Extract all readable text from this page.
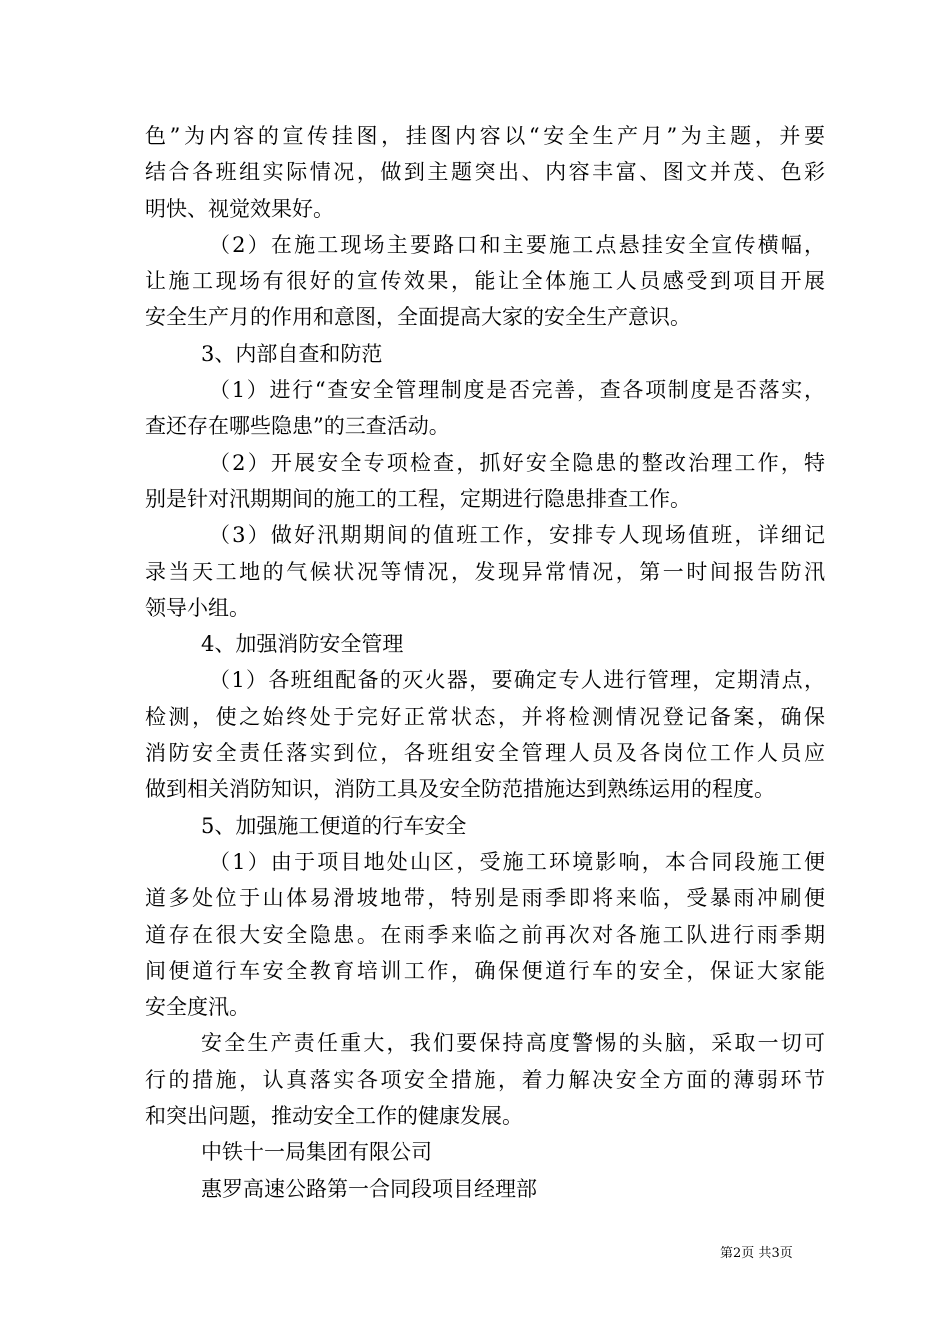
色”为内容的宣传挂图，挂图内容以“安全生产月”为主题，并要
结合各班组实际情况，做到主题突出、内容丰富、图文并茂、色彩
明快、视觉效果好。
（2）在施工现场主要路口和主要施工点悬挂安全宣传横幅，
让施工现场有很好的宣传效果，能让全体施工人员感受到项目开展
安全生产月的作用和意图，全面提高大家的安全生产意识。
3、内部自查和防范
（1）进行“查安全管理制度是否完善，查各项制度是否落实，
查还存在哪些隐患”的三查活动。
（2）开展安全专项检查，抓好安全隐患的整改治理工作，特
别是针对汛期期间的施工的工程，定期进行隐患排查工作。
（3）做好汛期期间的值班工作，安排专人现场值班，详细记
录当天工地的气候状况等情况，发现异常情况，第一时间报告防汛
领导小组。
4、加强消防安全管理
（1）各班组配备的灭火器，要确定专人进行管理，定期清点，
检测，使之始终处于完好正常状态，并将检测情况登记备案，确保
消防安全责任落实到位，各班组安全管理人员及各岗位工作人员应
做到相关消防知识，消防工具及安全防范措施达到熟练运用的程度。
5、加强施工便道的行车安全
（1）由于项目地处山区，受施工环境影响，本合同段施工便
道多处位于山体易滑坡地带，特别是雨季即将来临，受暴雨冲刷便
道存在很大安全隐患。在雨季来临之前再次对各施工队进行雨季期
间便道行车安全教育培训工作，确保便道行车的安全，保证大家能
安全度汛。
安全生产责任重大，我们要保持高度警惕的头脑，采取一切可
行的措施，认真落实各项安全措施，着力解决安全方面的薄弱环节
和突出问题，推动安全工作的健康发展。
中铁十一局集团有限公司
惠罗高速公路第一合同段项目经理部
第2页 共3页
